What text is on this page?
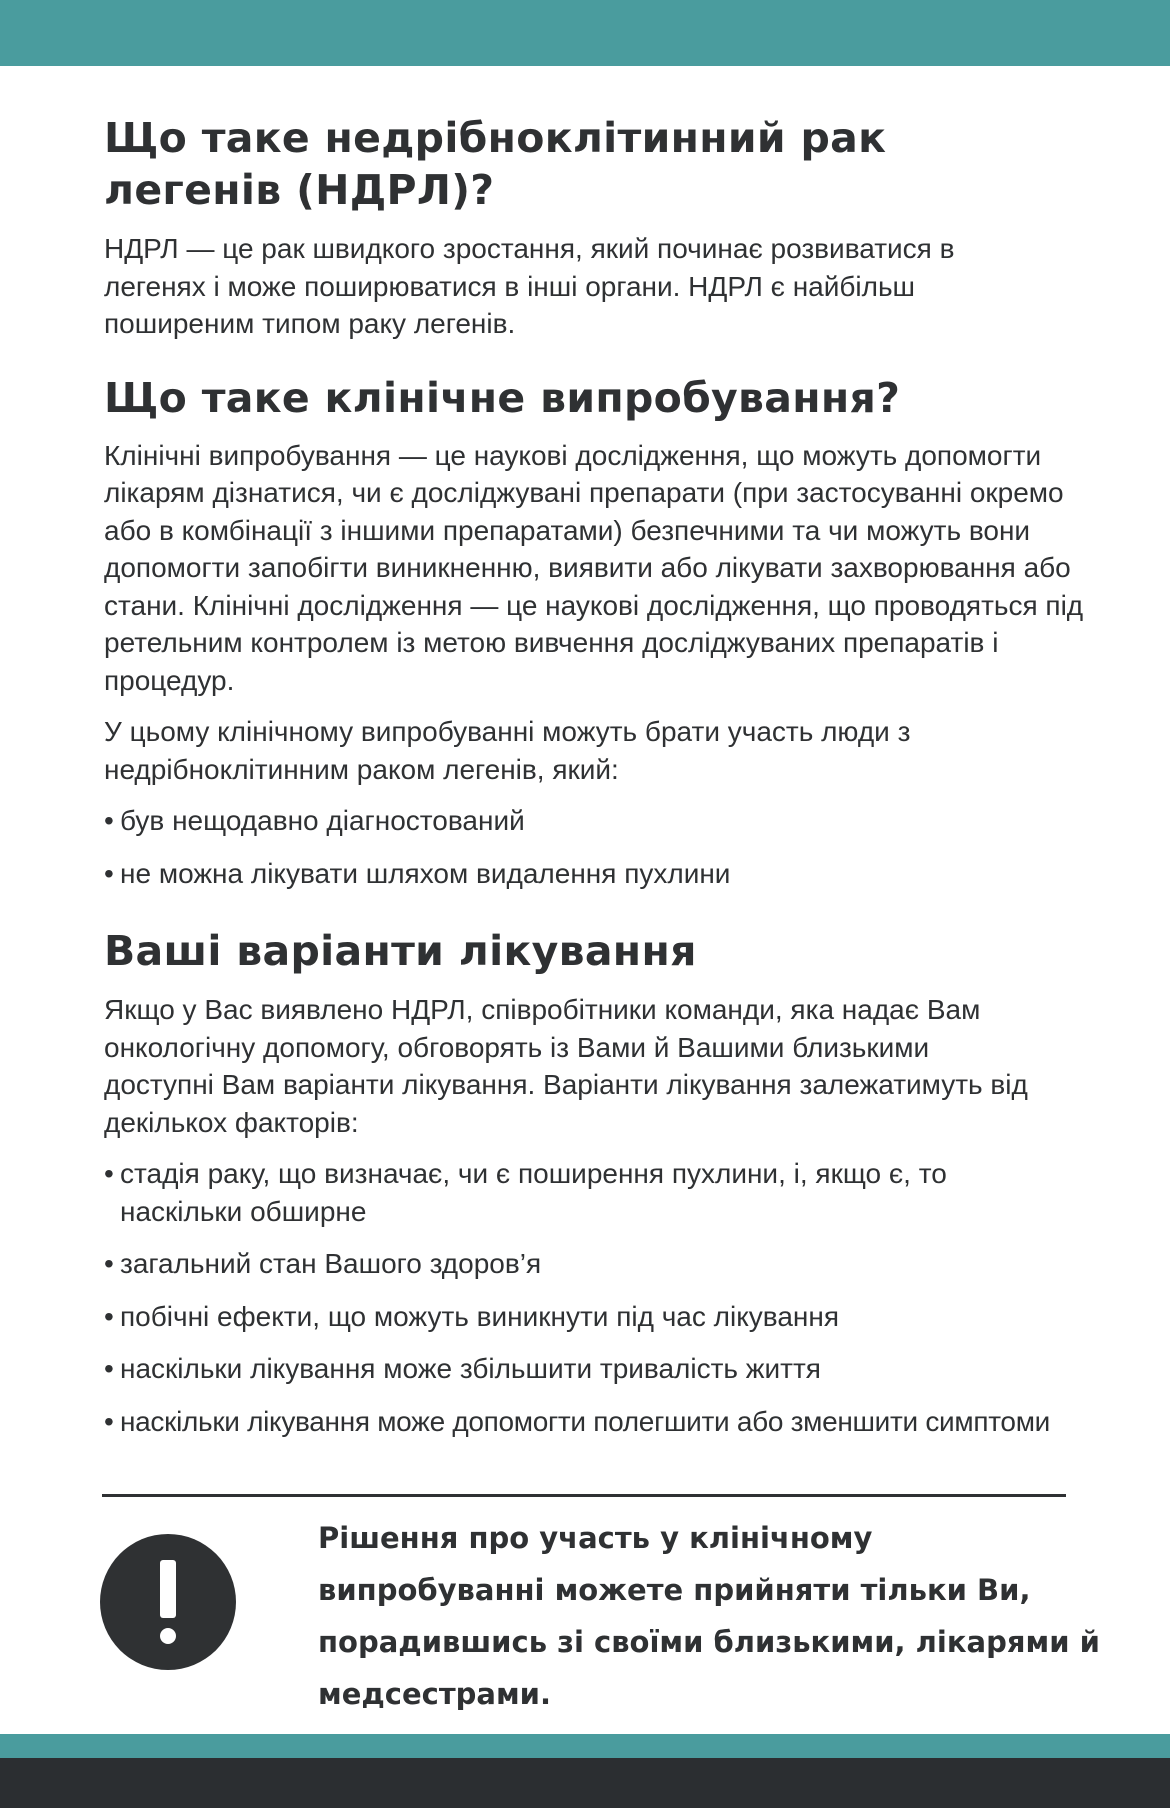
Що таке недрібноклітинний рак
легенів (НДРЛ)?

НДРЛ — це рак швидкого зростання, який починає розвиватися в легенях і може поширюватися в інші органи. НДРЛ є найбільш поширеним типом раку легенів.

Що таке клінічне випробування?

Клінічні випробування — це наукові дослідження, що можуть допомогти лікарям дізнатися, чи є досліджувані препарати (при застосуванні окремо або в комбінації з іншими препаратами) безпечними та чи можуть вони допомогти запобігти виникненню, виявити або лікувати захворювання або стани. Клінічні дослідження — це наукові дослідження, що проводяться під ретельним контролем із метою вивчення досліджуваних препаратів і процедур.

У цьому клінічному випробуванні можуть брати участь люди з недрібноклітинним раком легенів, який:

• був нещодавно діагностований
• не можна лікувати шляхом видалення пухлини
Ваші варіанти лікування

Якщо у Вас виявлено НДРЛ, співробітники команди, яка надає Вам онкологічну допомогу, обговорять із Вами й Вашими близькими доступні Вам варіанти лікування. Варіанти лікування залежатимуть від декількох факторів:

• стадія раку, що визначає, чи є поширення пухлини, і, якщо є, то наскільки обширне
• загальний стан Вашого здоров’я
• побічні ефекти, що можуть виникнути під час лікування
• наскільки лікування може збільшити тривалість життя
• наскільки лікування може допомогти полегшити або зменшити симптоми

Рішення про участь у клінічному випробуванні можете прийняти тільки Ви, порадившись зі своїми близькими, лікарями й медсестрами.
